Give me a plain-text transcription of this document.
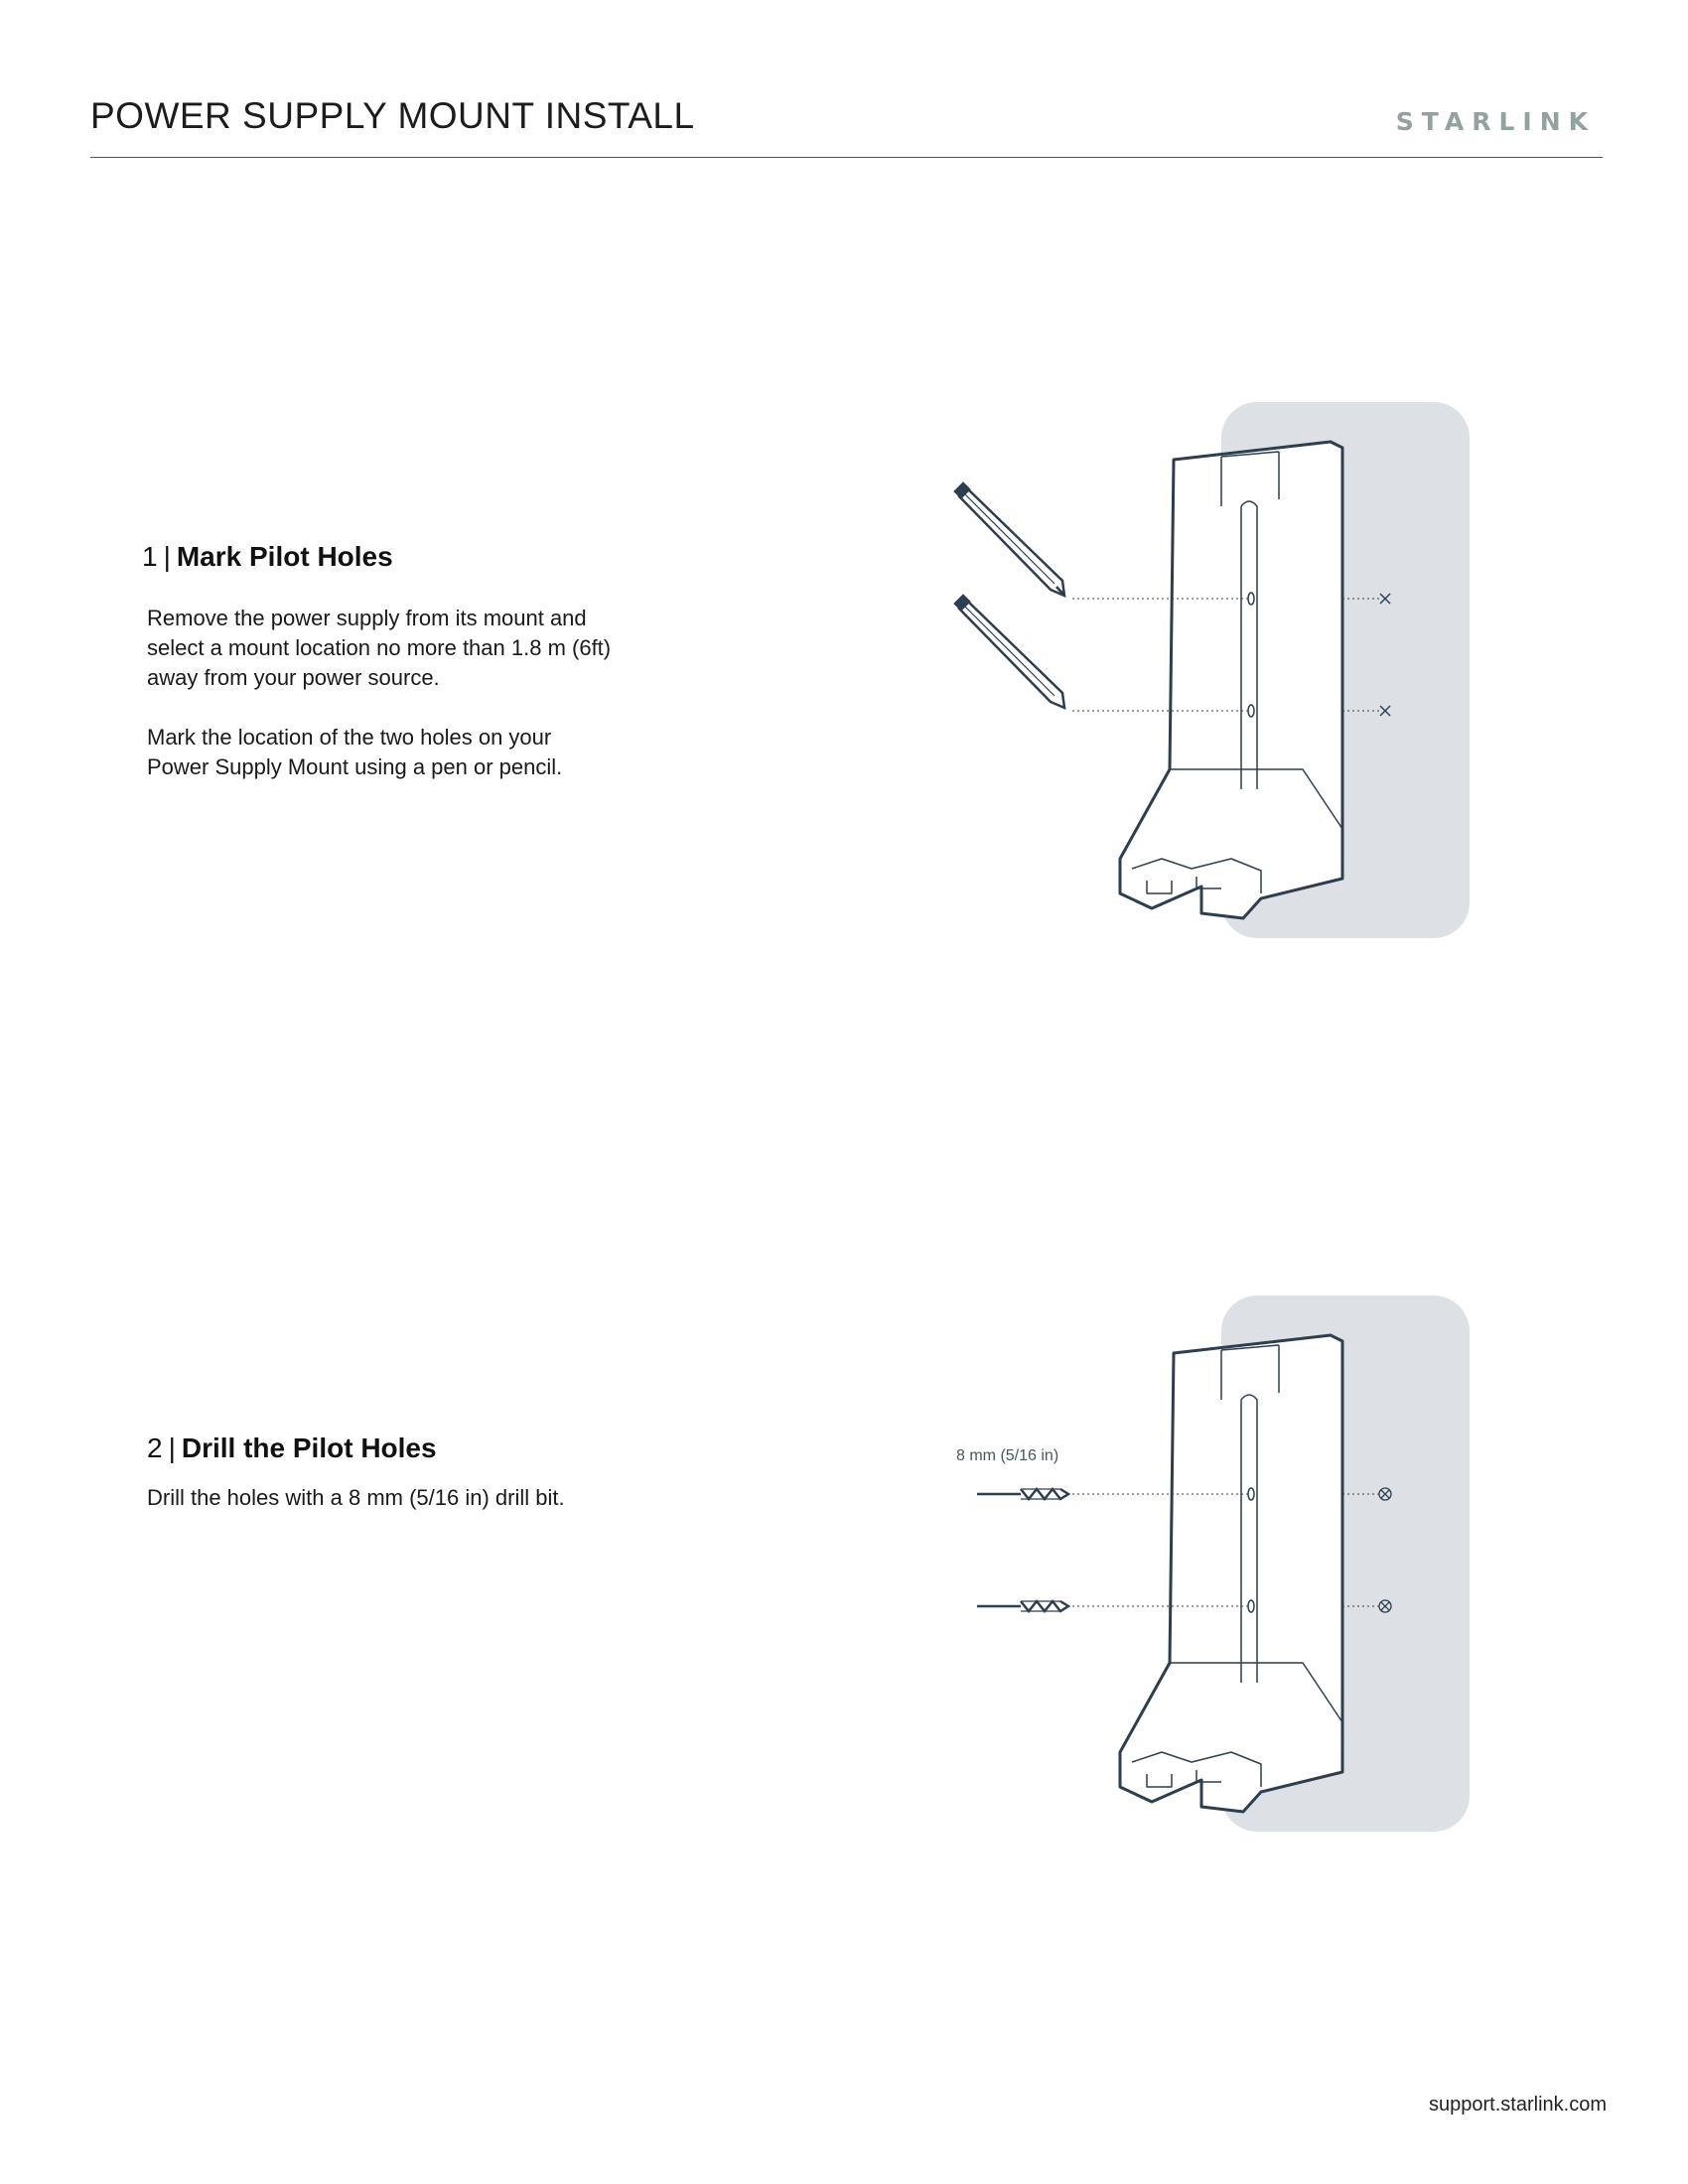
POWER SUPPLY MOUNT INSTALL	STARLINK
1 | Mark Pilot Holes

Remove the power supply from its mount and
select a mount location no more than 1.8 m (6ft)
away from your power source.

Mark the location of the two holes on your
Power Supply Mount using a pen or pencil.

2 | Drill the Pilot Holes

Drill the holes with a 8 mm (5/16 in) drill bit.

8 mm (5/16 in)
support.starlink.com
